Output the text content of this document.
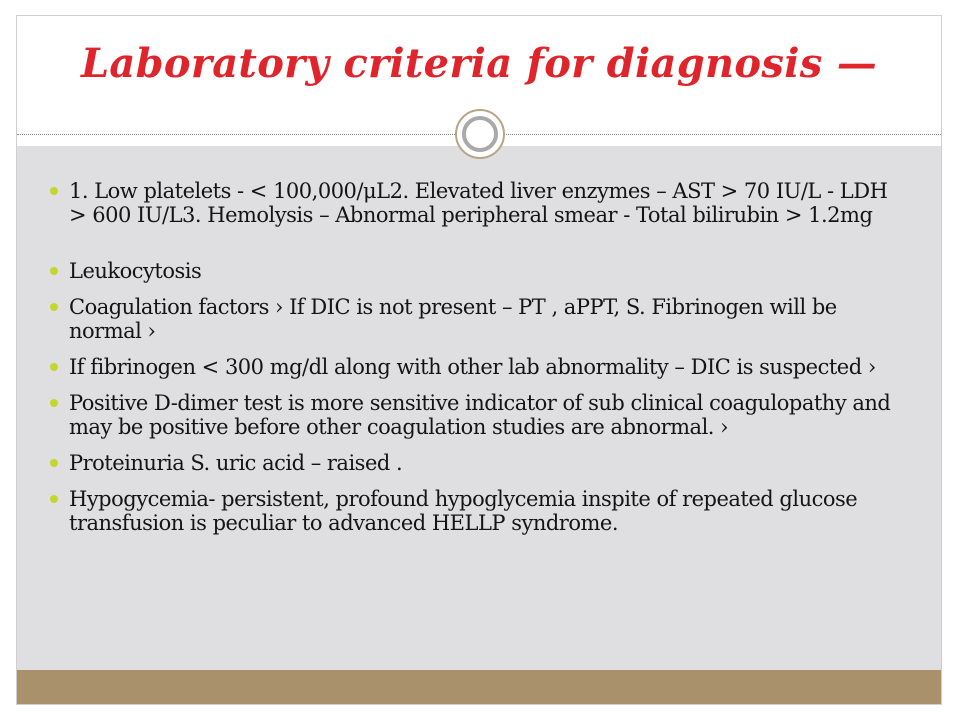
Laboratory criteria for diagnosis —
1. Low platelets - < 100,000/μL2. Elevated liver enzymes – AST > 70 IU/L - LDH > 600 IU/L3. Hemolysis – Abnormal peripheral smear - Total bilirubin > 1.2mg
Leukocytosis
Coagulation factors › If DIC is not present – PT , aPPT, S. Fibrinogen will be normal ›
If fibrinogen < 300 mg/dl along with other lab abnormality – DIC is suspected ›
Positive D-dimer test is more sensitive indicator of sub clinical coagulopathy and may be positive before other coagulation studies are abnormal. ›
Proteinuria S. uric acid – raised .
Hypogycemia- persistent, profound hypoglycemia inspite of repeated glucose transfusion is peculiar to advanced HELLP syndrome.
